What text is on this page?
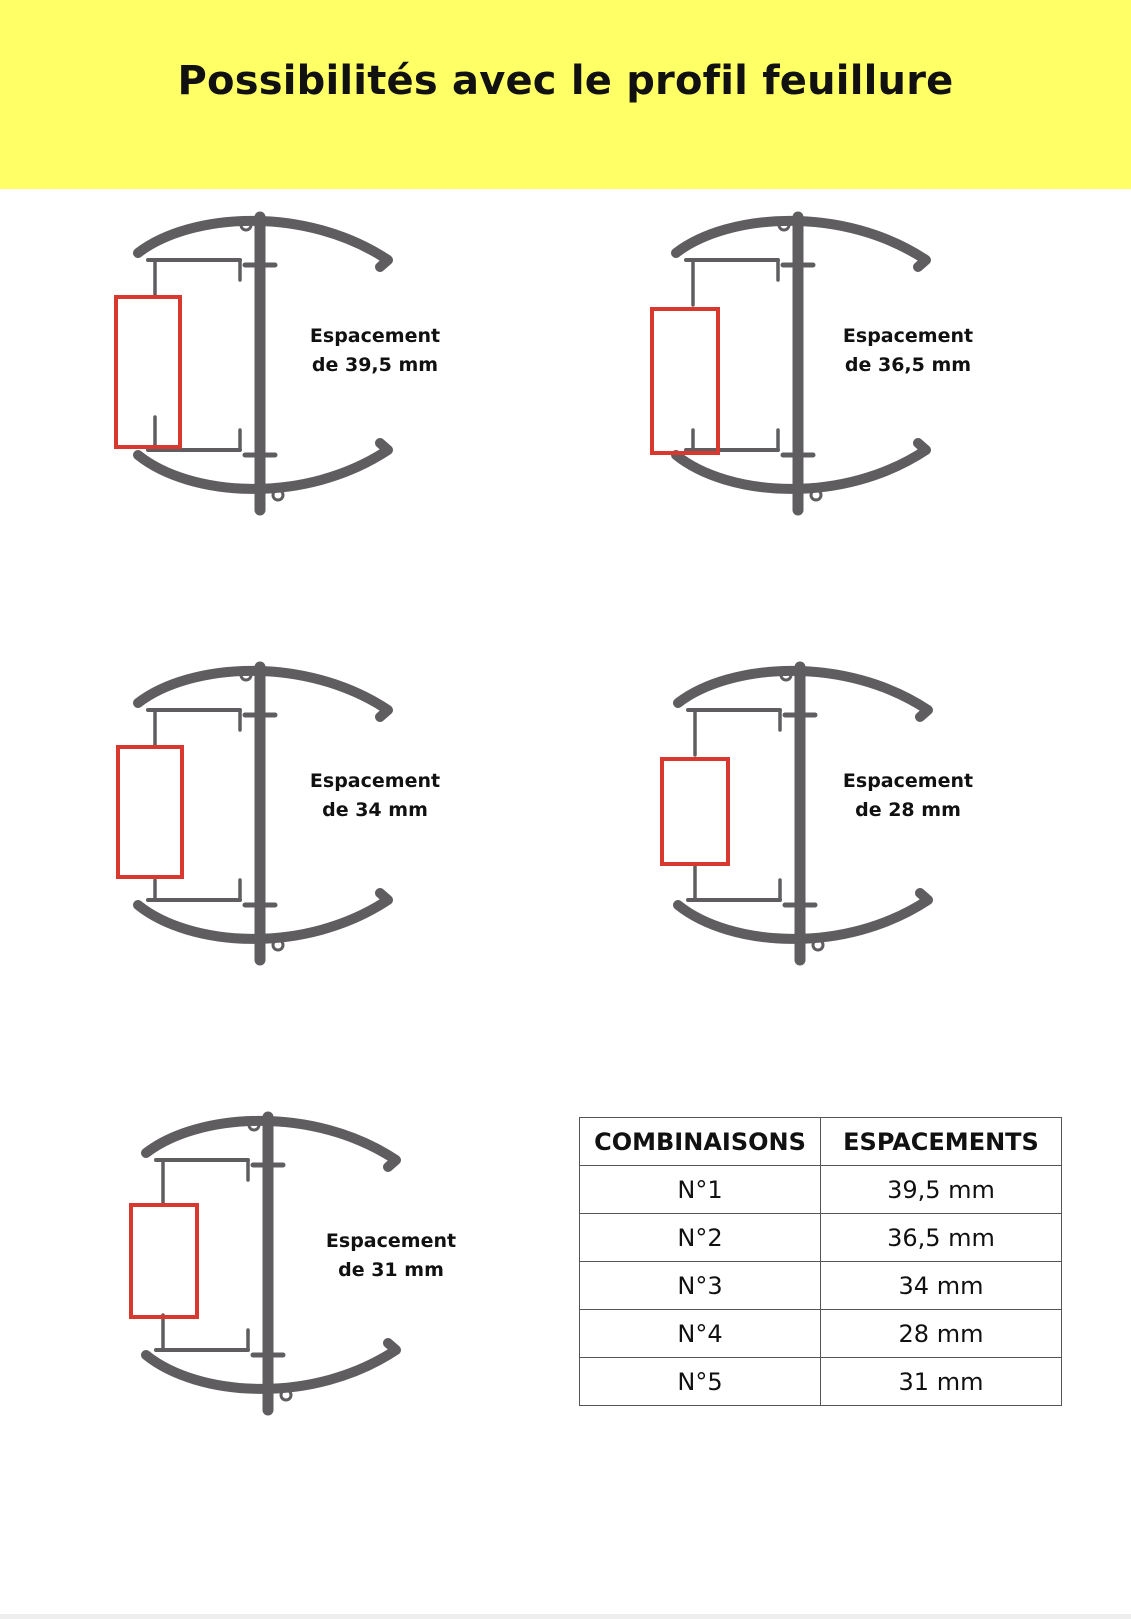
Possibilités avec le profil feuillure
Espacement
de 39,5 mm
Espacement
de 36,5 mm
Espacement
de 34 mm
Espacement
de 28 mm
Espacement
de 31 mm
COMBINAISONS	ESPACEMENTS
N°1	39,5 mm
N°2	36,5 mm
N°3	34 mm
N°4	28 mm
N°5	31 mm
